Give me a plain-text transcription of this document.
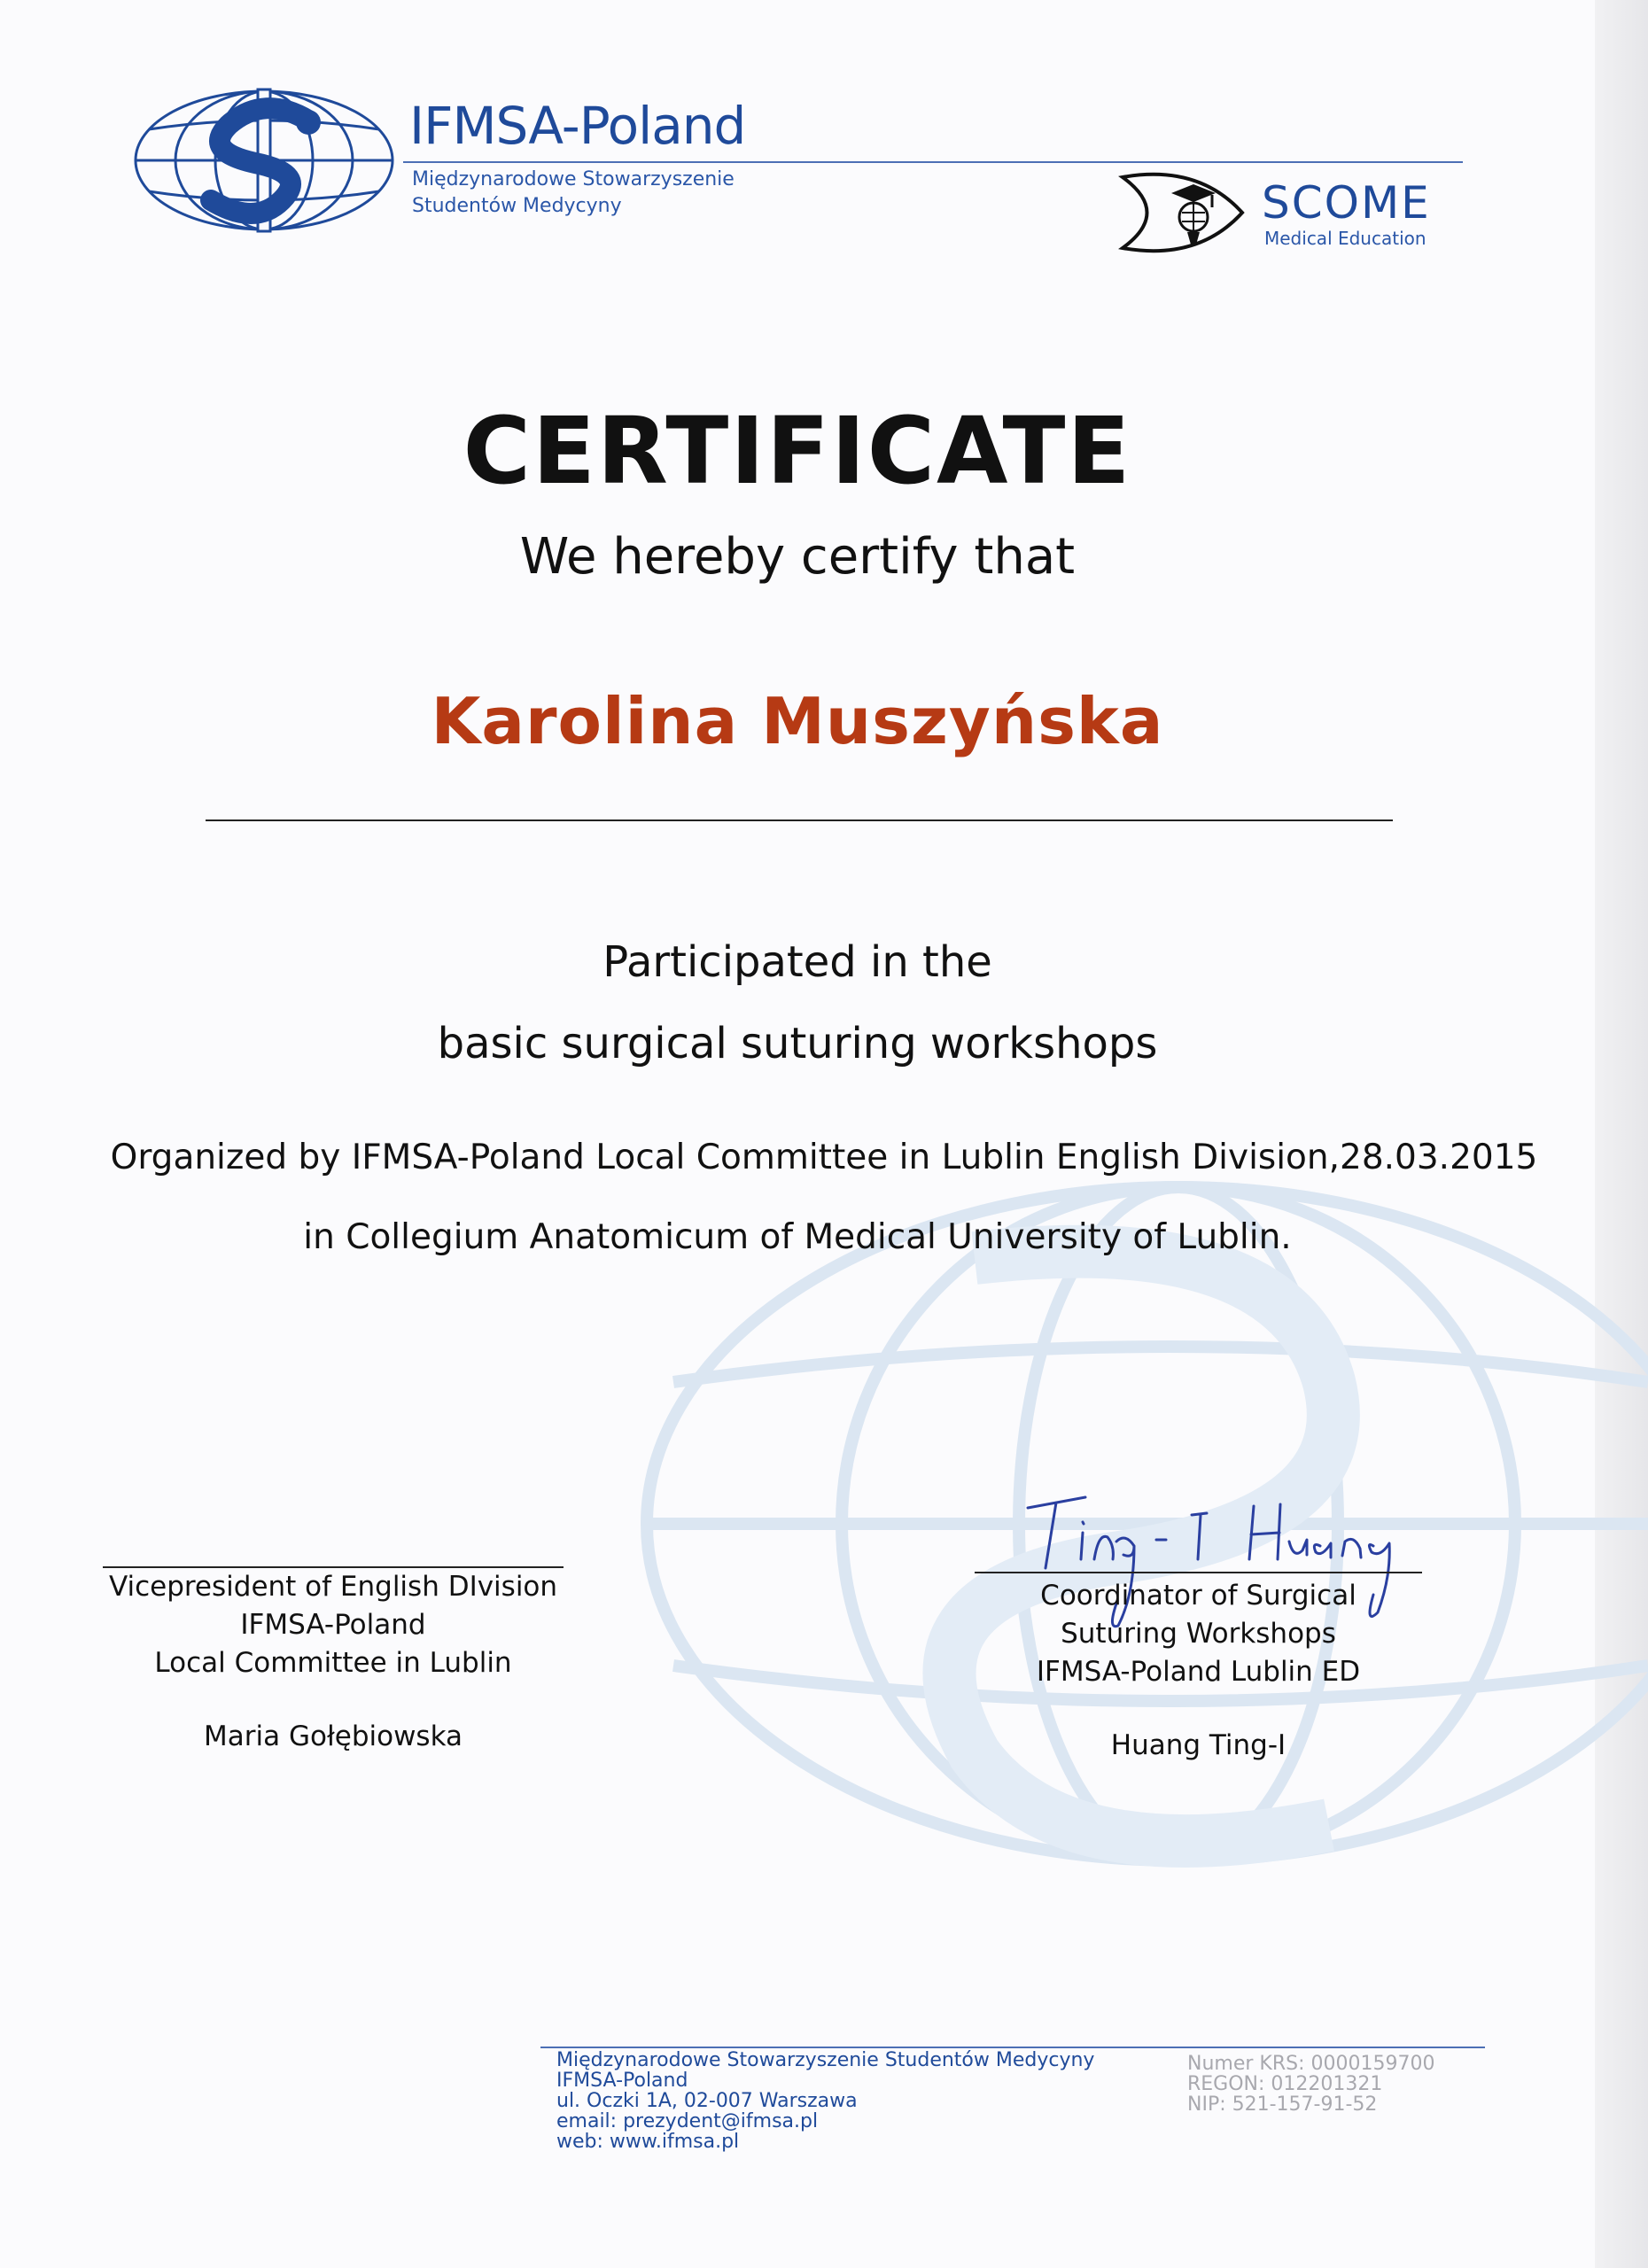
IFMSA-Poland
Międzynarodowe Stowarzyszenie
Studentów Medycyny	SCOME
Medical Education
CERTIFICATE
We hereby certify that
Karolina Muszyńska
Participated in the
basic surgical suturing workshops
Organized by IFMSA-Poland Local Committee in Lublin English Division,28.03.2015
in Collegium Anatomicum of Medical University of Lublin.
Vicepresident of English DIvision
IFMSA-Poland
Local Committee in Lublin
Maria Gołębiowska
Coordinator of Surgical
Suturing Workshops
IFMSA-Poland Lublin ED
Huang Ting-I
Międzynarodowe Stowarzyszenie Studentów Medycyny
IFMSA-Poland
ul. Oczki 1A, 02-007 Warszawa
email: prezydent@ifmsa.pl
web: www.ifmsa.pl
Numer KRS: 0000159700
REGON: 012201321
NIP: 521-157-91-52
